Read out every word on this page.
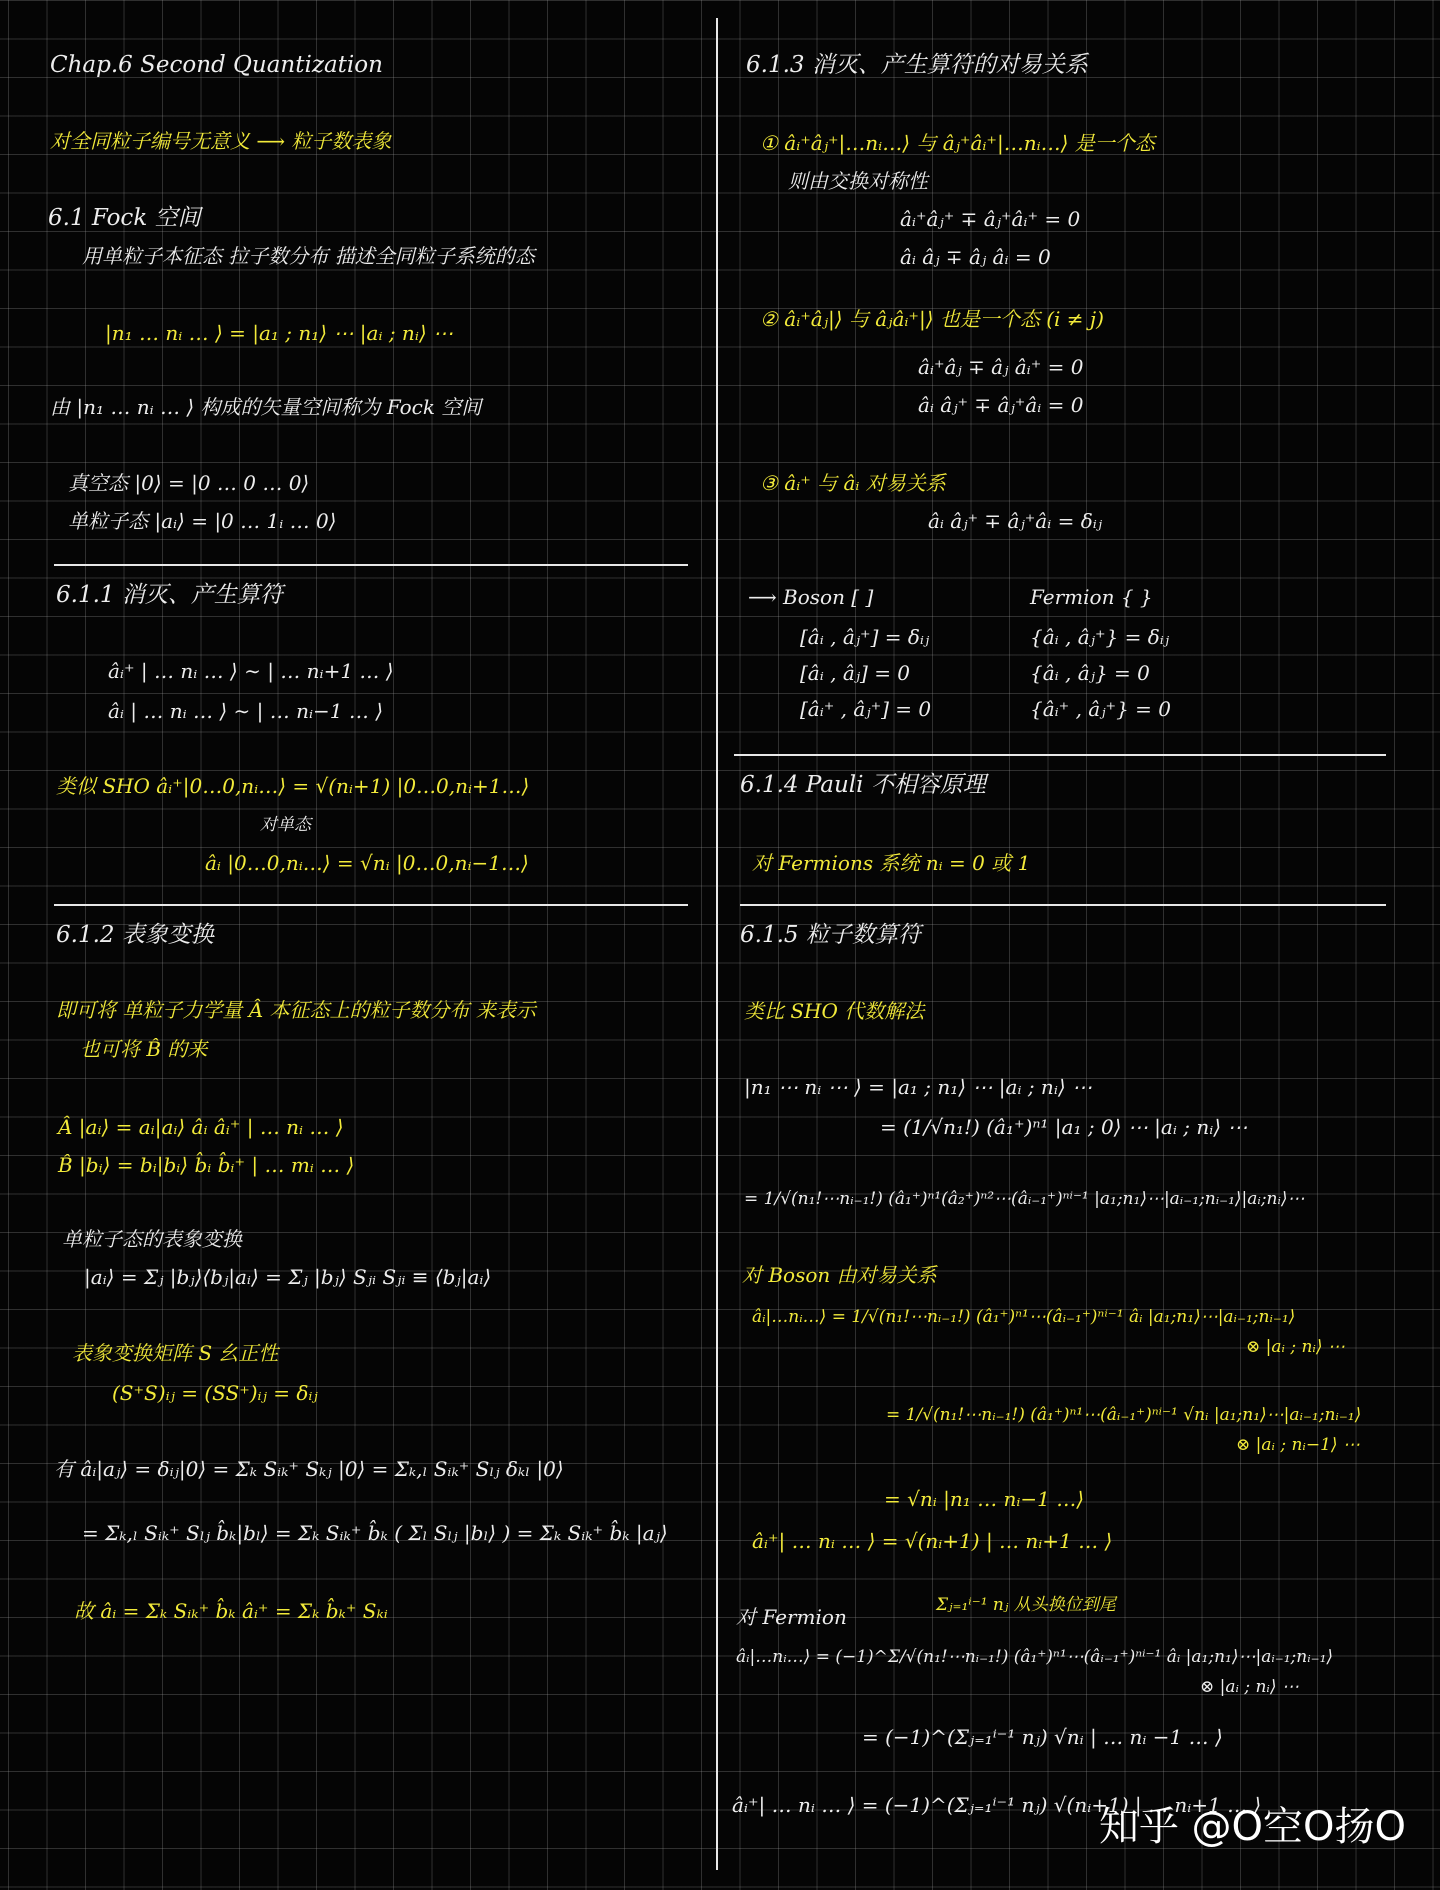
Chap.6 Second Quantization
对全同粒子编号无意义 ⟶ 粒子数表象
6.1 Fock 空间
用单粒子本征态 拉子数分布 描述全同粒子系统的态
|n₁ … nᵢ … ⟩ = |a₁ ; n₁⟩ ⋯ |aᵢ ; nᵢ⟩ ⋯
由 |n₁ … nᵢ … ⟩ 构成的矢量空间称为 Fock 空间
真空态 |0⟩ = |0 … 0 … 0⟩
单粒子态 |aᵢ⟩ = |0 … 1ᵢ … 0⟩
6.1.1 消灭、产生算符
âᵢ⁺ | … nᵢ … ⟩ ∼ | … nᵢ+1 … ⟩
âᵢ | … nᵢ … ⟩ ∼ | … nᵢ−1 … ⟩
类似 SHO âᵢ⁺|0…0,nᵢ…⟩ = √(nᵢ+1) |0…0,nᵢ+1…⟩
对单态
âᵢ |0…0,nᵢ…⟩ = √nᵢ |0…0,nᵢ−1…⟩
6.1.2 表象变换
即可将 单粒子力学量 Â 本征态上的粒子数分布 来表示
也可将 B̂ 的来
Â |aᵢ⟩ = aᵢ|aᵢ⟩ âᵢ âᵢ⁺ | … nᵢ … ⟩
B̂ |bᵢ⟩ = bᵢ|bᵢ⟩ b̂ᵢ b̂ᵢ⁺ | … mᵢ … ⟩
单粒子态的表象变换
|aᵢ⟩ = Σⱼ |bⱼ⟩⟨bⱼ|aᵢ⟩ = Σⱼ |bⱼ⟩ Sⱼᵢ Sⱼᵢ ≡ ⟨bⱼ|aᵢ⟩
表象变换矩阵 S 幺正性
(S⁺S)ᵢⱼ = (SS⁺)ᵢⱼ = δᵢⱼ
有 âᵢ|aⱼ⟩ = δᵢⱼ|0⟩ = Σₖ Sᵢₖ⁺ Sₖⱼ |0⟩ = Σₖ,ₗ Sᵢₖ⁺ Sₗⱼ δₖₗ |0⟩
= Σₖ,ₗ Sᵢₖ⁺ Sₗⱼ b̂ₖ|bₗ⟩ = Σₖ Sᵢₖ⁺ b̂ₖ ( Σₗ Sₗⱼ |bₗ⟩ ) = Σₖ Sᵢₖ⁺ b̂ₖ |aⱼ⟩
故 âᵢ = Σₖ Sᵢₖ⁺ b̂ₖ âᵢ⁺ = Σₖ b̂ₖ⁺ Sₖᵢ
6.1.3 消灭、产生算符的对易关系
① âᵢ⁺âⱼ⁺|…nᵢ…⟩ 与 âⱼ⁺âᵢ⁺|…nᵢ…⟩ 是一个态
则由交换对称性
âᵢ⁺âⱼ⁺ ∓ âⱼ⁺âᵢ⁺ = 0
âᵢ âⱼ ∓ âⱼ âᵢ = 0
② âᵢ⁺âⱼ|⟩ 与 âⱼâᵢ⁺|⟩ 也是一个态 (i ≠ j)
âᵢ⁺âⱼ ∓ âⱼ âᵢ⁺ = 0
âᵢ âⱼ⁺ ∓ âⱼ⁺âᵢ = 0
③ âᵢ⁺ 与 âᵢ 对易关系
âᵢ âⱼ⁺ ∓ âⱼ⁺âᵢ = δᵢⱼ
⟶ Boson [ ]	Fermion { }
[âᵢ , âⱼ⁺] = δᵢⱼ
[âᵢ , âⱼ] = 0
[âᵢ⁺ , âⱼ⁺] = 0
{âᵢ , âⱼ⁺} = δᵢⱼ
{âᵢ , âⱼ} = 0
{âᵢ⁺ , âⱼ⁺} = 0
6.1.4 Pauli 不相容原理
对 Fermions 系统 nᵢ = 0 或 1
6.1.5 粒子数算符
类比 SHO 代数解法
|n₁ ⋯ nᵢ ⋯ ⟩ = |a₁ ; n₁⟩ ⋯ |aᵢ ; nᵢ⟩ ⋯
= (1/√n₁!) (â₁⁺)ⁿ¹ |a₁ ; 0⟩ ⋯ |aᵢ ; nᵢ⟩ ⋯
= 1/√(n₁!⋯nᵢ₋₁!) (â₁⁺)ⁿ¹(â₂⁺)ⁿ²⋯(âᵢ₋₁⁺)ⁿⁱ⁻¹ |a₁;n₁⟩⋯|aᵢ₋₁;nᵢ₋₁⟩|aᵢ;nᵢ⟩⋯
对 Boson 由对易关系
âᵢ|…nᵢ…⟩ = 1/√(n₁!⋯nᵢ₋₁!) (â₁⁺)ⁿ¹⋯(âᵢ₋₁⁺)ⁿⁱ⁻¹ âᵢ |a₁;n₁⟩⋯|aᵢ₋₁;nᵢ₋₁⟩
⊗ |aᵢ ; nᵢ⟩ ⋯
= 1/√(n₁!⋯nᵢ₋₁!) (â₁⁺)ⁿ¹⋯(âᵢ₋₁⁺)ⁿⁱ⁻¹ √nᵢ |a₁;n₁⟩⋯|aᵢ₋₁;nᵢ₋₁⟩
⊗ |aᵢ ; nᵢ−1⟩ ⋯
= √nᵢ |n₁ … nᵢ−1 …⟩
âᵢ⁺| … nᵢ … ⟩ = √(nᵢ+1) | … nᵢ+1 … ⟩
对 Fermion	Σⱼ₌₁ⁱ⁻¹ nⱼ 从头换位到尾
âᵢ|…nᵢ…⟩ = (−1)^Σ/√(n₁!⋯nᵢ₋₁!) (â₁⁺)ⁿ¹⋯(âᵢ₋₁⁺)ⁿⁱ⁻¹ âᵢ |a₁;n₁⟩⋯|aᵢ₋₁;nᵢ₋₁⟩
⊗ |aᵢ ; nᵢ⟩ ⋯
= (−1)^(Σⱼ₌₁ⁱ⁻¹ nⱼ) √nᵢ | … nᵢ −1 … ⟩
âᵢ⁺| … nᵢ … ⟩ = (−1)^(Σⱼ₌₁ⁱ⁻¹ nⱼ) √(nᵢ+1) | … nᵢ+1 … ⟩
知乎 @O空O扬O
